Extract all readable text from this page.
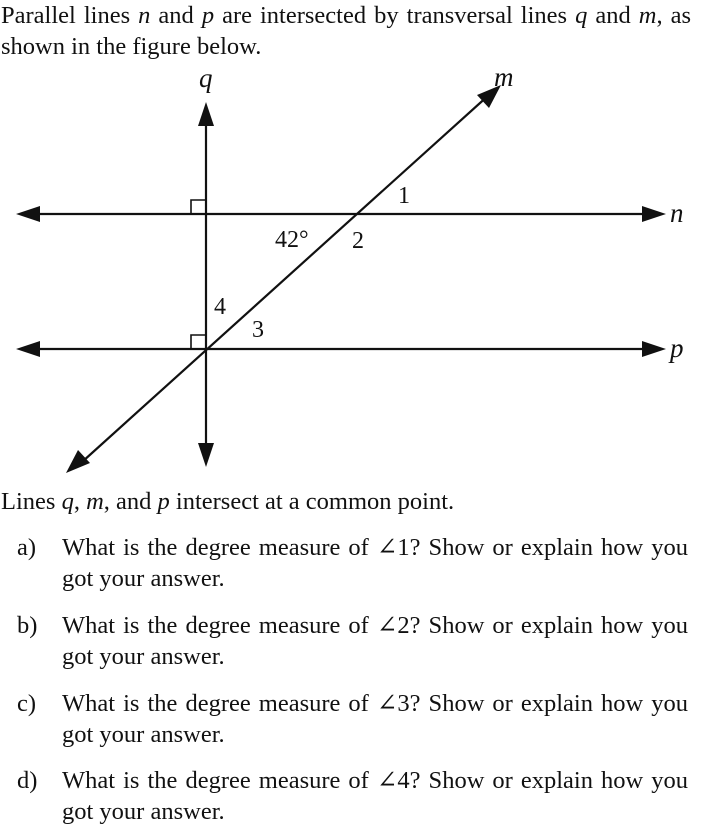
Parallel lines n and p are intersected by transversal lines q and m, as shown in the figure below.

q	m
n
p
42°
1
2
3
4

Lines q, m, and p intersect at a common point.

a) What is the degree measure of ∠1? Show or explain how you got your answer.
b) What is the degree measure of ∠2? Show or explain how you got your answer.
c) What is the degree measure of ∠3? Show or explain how you got your answer.
d) What is the degree measure of ∠4? Show or explain how you got your answer.
